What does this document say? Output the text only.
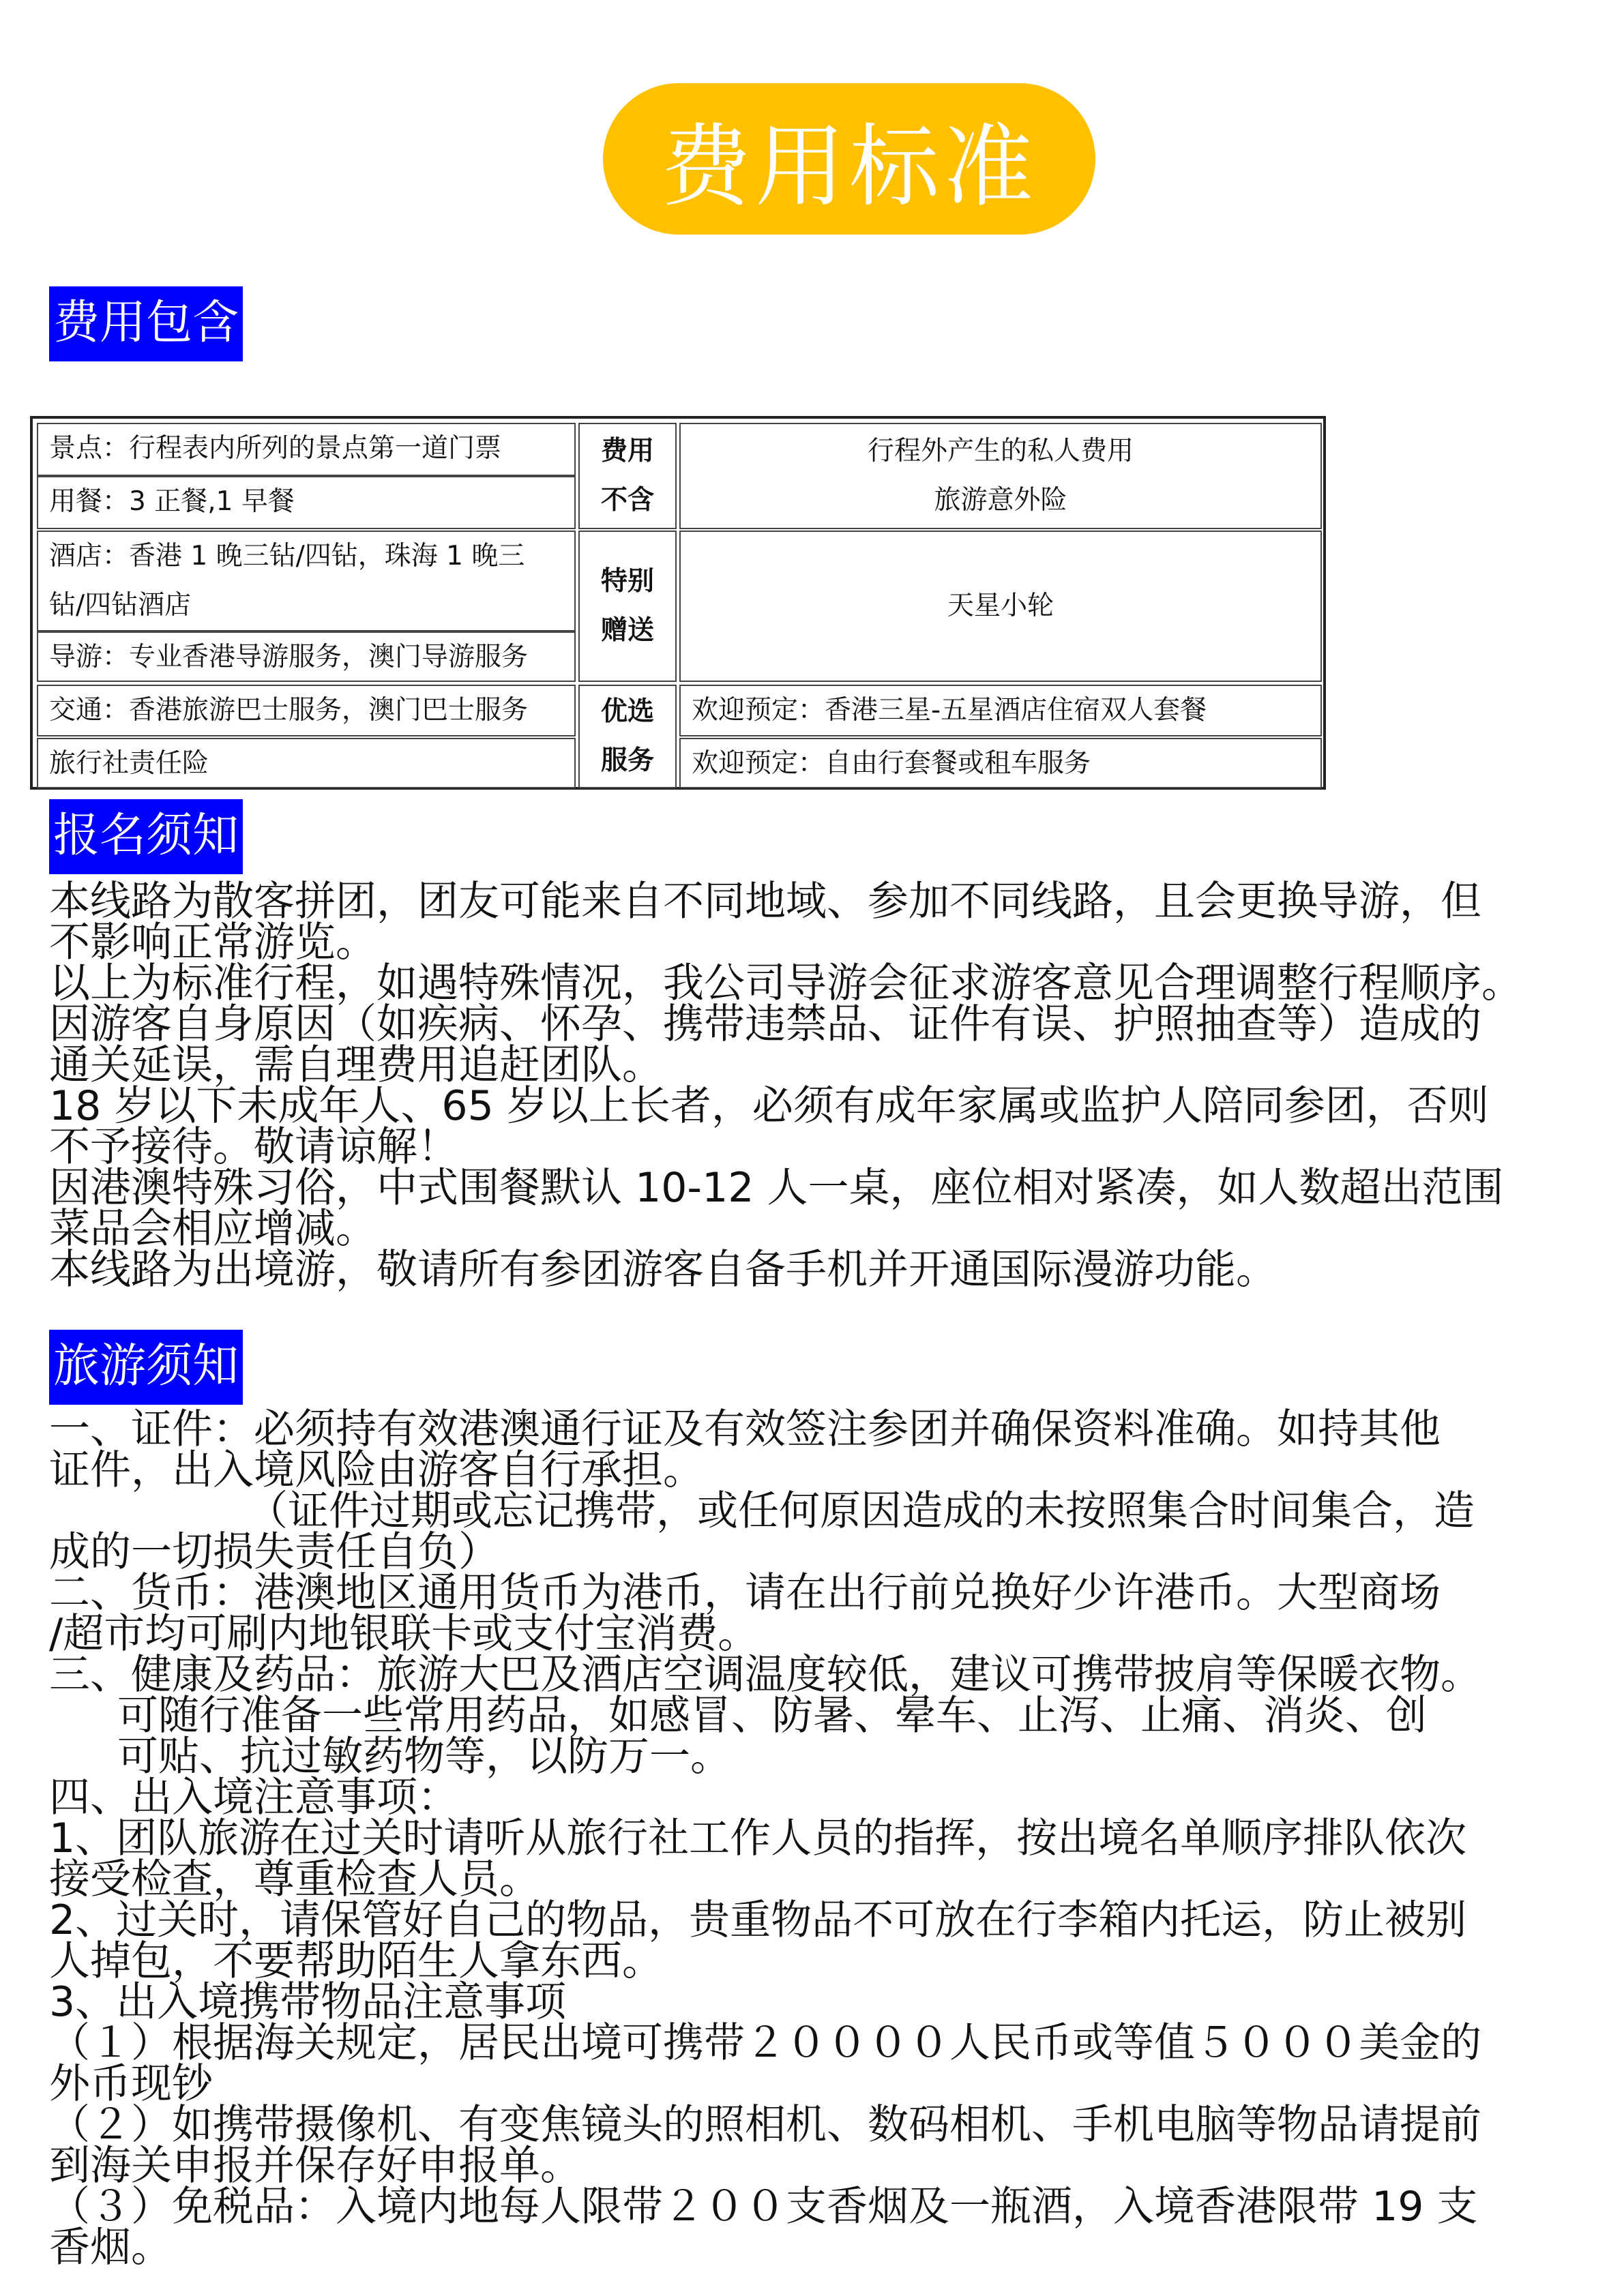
费用标准
费用包含
景点：行程表内所列的景点第一道门票
用餐：3 正餐,1 早餐
酒店：香港 1 晚三钻/四钻，珠海 1 晚三
钻/四钻酒店
导游：专业香港导游服务，澳门导游服务
交通：香港旅游巴士服务，澳门巴士服务
旅行社责任险
费用
不含
特别
赠送
优选
服务
行程外产生的私人费用
旅游意外险
天星小轮
欢迎预定：香港三星-五星酒店住宿双人套餐
欢迎预定：自由行套餐或租车服务
报名须知
本线路为散客拼团，团友可能来自不同地域、参加不同线路，且会更换导游，但
不影响正常游览。
以上为标准行程，如遇特殊情况，我公司导游会征求游客意见合理调整行程顺序。
因游客自身原因（如疾病、怀孕、携带违禁品、证件有误、护照抽查等）造成的
通关延误，需自理费用追赶团队。
18 岁以下未成年人、65 岁以上长者，必须有成年家属或监护人陪同参团，否则
不予接待。敬请谅解！
因港澳特殊习俗，中式围餐默认 10-12 人一桌，座位相对紧凑，如人数超出范围
菜品会相应增减。
本线路为出境游，敬请所有参团游客自备手机并开通国际漫游功能。
旅游须知
一、证件：必须持有效港澳通行证及有效签注参团并确保资料准确。如持其他
证件，出入境风险由游客自行承担。
（证件过期或忘记携带，或任何原因造成的未按照集合时间集合，造
成的一切损失责任自负）
二、货币：港澳地区通用货币为港币，请在出行前兑换好少许港币。大型商场
/超市均可刷内地银联卡或支付宝消费。
三、健康及药品：旅游大巴及酒店空调温度较低，建议可携带披肩等保暖衣物。
可随行准备一些常用药品，如感冒、防暑、晕车、止泻、止痛、消炎、创
可贴、抗过敏药物等，以防万一。
四、出入境注意事项：
1、团队旅游在过关时请听从旅行社工作人员的指挥，按出境名单顺序排队依次
接受检查，尊重检查人员。
2、过关时，请保管好自己的物品，贵重物品不可放在行李箱内托运，防止被别
人掉包，不要帮助陌生人拿东西。
3、出入境携带物品注意事项
（１）根据海关规定，居民出境可携带２００００人民币或等值５０００美金的
外币现钞
（２）如携带摄像机、有变焦镜头的照相机、数码相机、手机电脑等物品请提前
到海关申报并保存好申报单。
（３）免税品：入境内地每人限带２００支香烟及一瓶酒，入境香港限带 19 支
香烟。
